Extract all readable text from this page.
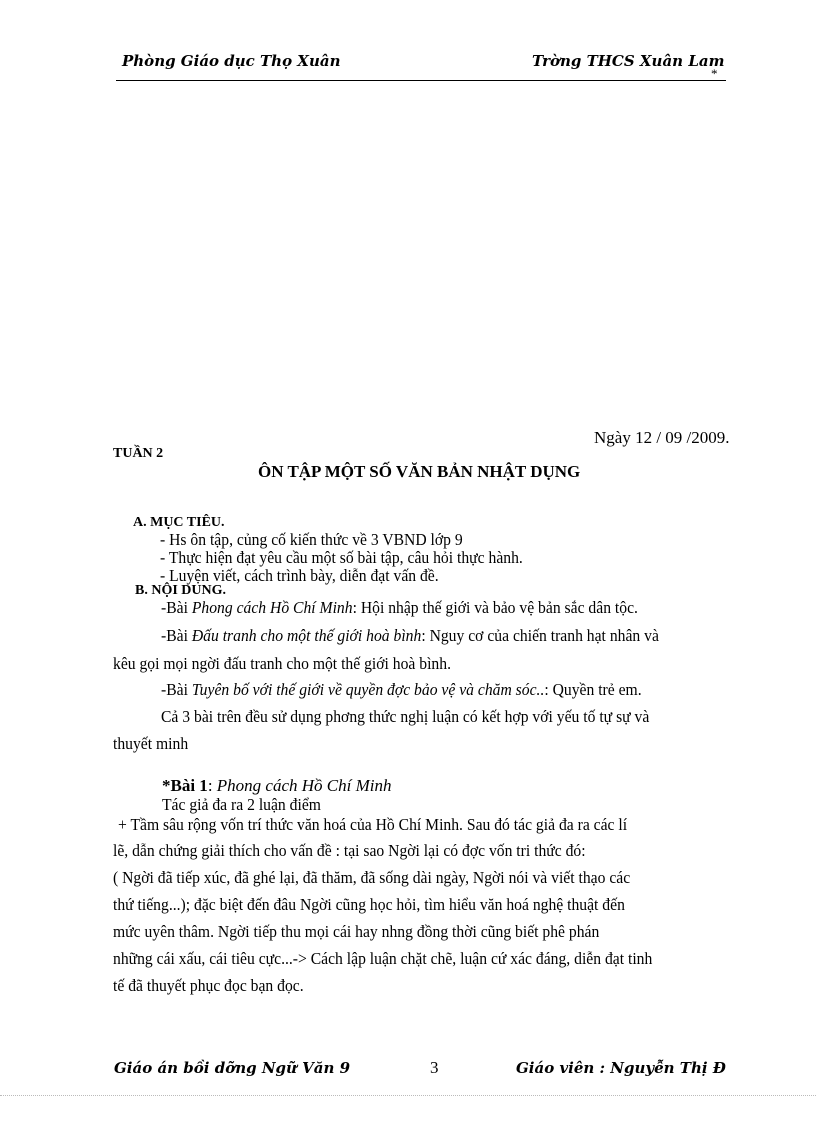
Phòng Giáo dục Thọ Xuân	Trờng THCS Xuân Lam
*
Ngày 12 / 09 /2009.
TUẦN 2
ÔN TẬP MỘT SỐ VĂN BẢN NHẬT DỤNG
A. MỤC TIÊU.
- Hs ôn tập, củng cố kiến thức về 3 VBND lớp 9
- Thực hiện đạt yêu cầu một số bài tập, câu hỏi thực hành.
- Luyện viết, cách trình bày, diễn đạt vấn đề.
B. NỘI DUNG.
-Bài Phong cách Hồ Chí Minh: Hội nhập thế giới và bảo vệ bản sắc dân tộc.
-Bài Đấu tranh cho một thế giới hoà bình: Nguy cơ của chiến tranh hạt nhân và
kêu gọi mọi ngời đấu tranh cho một thế giới hoà bình.
-Bài Tuyên bố với thế giới về quyền đợc bảo vệ và chăm sóc..: Quyền trẻ em.
Cả 3 bài trên đều sử dụng phơng thức nghị luận có kết hợp với yếu tố tự sự và
thuyết minh
*Bài 1: Phong cách Hồ Chí Minh
Tác giả đa ra 2 luận điểm
+ Tầm sâu rộng vốn trí thức văn hoá của Hồ Chí Minh. Sau đó tác giả đa ra các lí
lẽ, dẫn chứng giải thích cho vấn đề : tại sao Ngời lại có đợc vốn tri thức đó:
( Ngời đã tiếp xúc, đã ghé lại, đã thăm, đã sống dài ngày, Ngời nói và viết thạo các
thứ tiếng...); đặc biệt đến đâu Ngời cũng học hỏi, tìm hiểu văn hoá nghệ thuật đến
mức uyên thâm. Ngời tiếp thu mọi cái hay nhng đồng thời cũng biết phê phán
những cái xấu, cái tiêu cực...-> Cách lập luận chặt chẽ, luận cứ xác đáng, diễn đạt tinh
tế đã thuyết phục đọc bạn đọc.
Giáo án bồi dỡng Ngữ Văn 9	3	Giáo viên : Nguyễn Thị Đ
